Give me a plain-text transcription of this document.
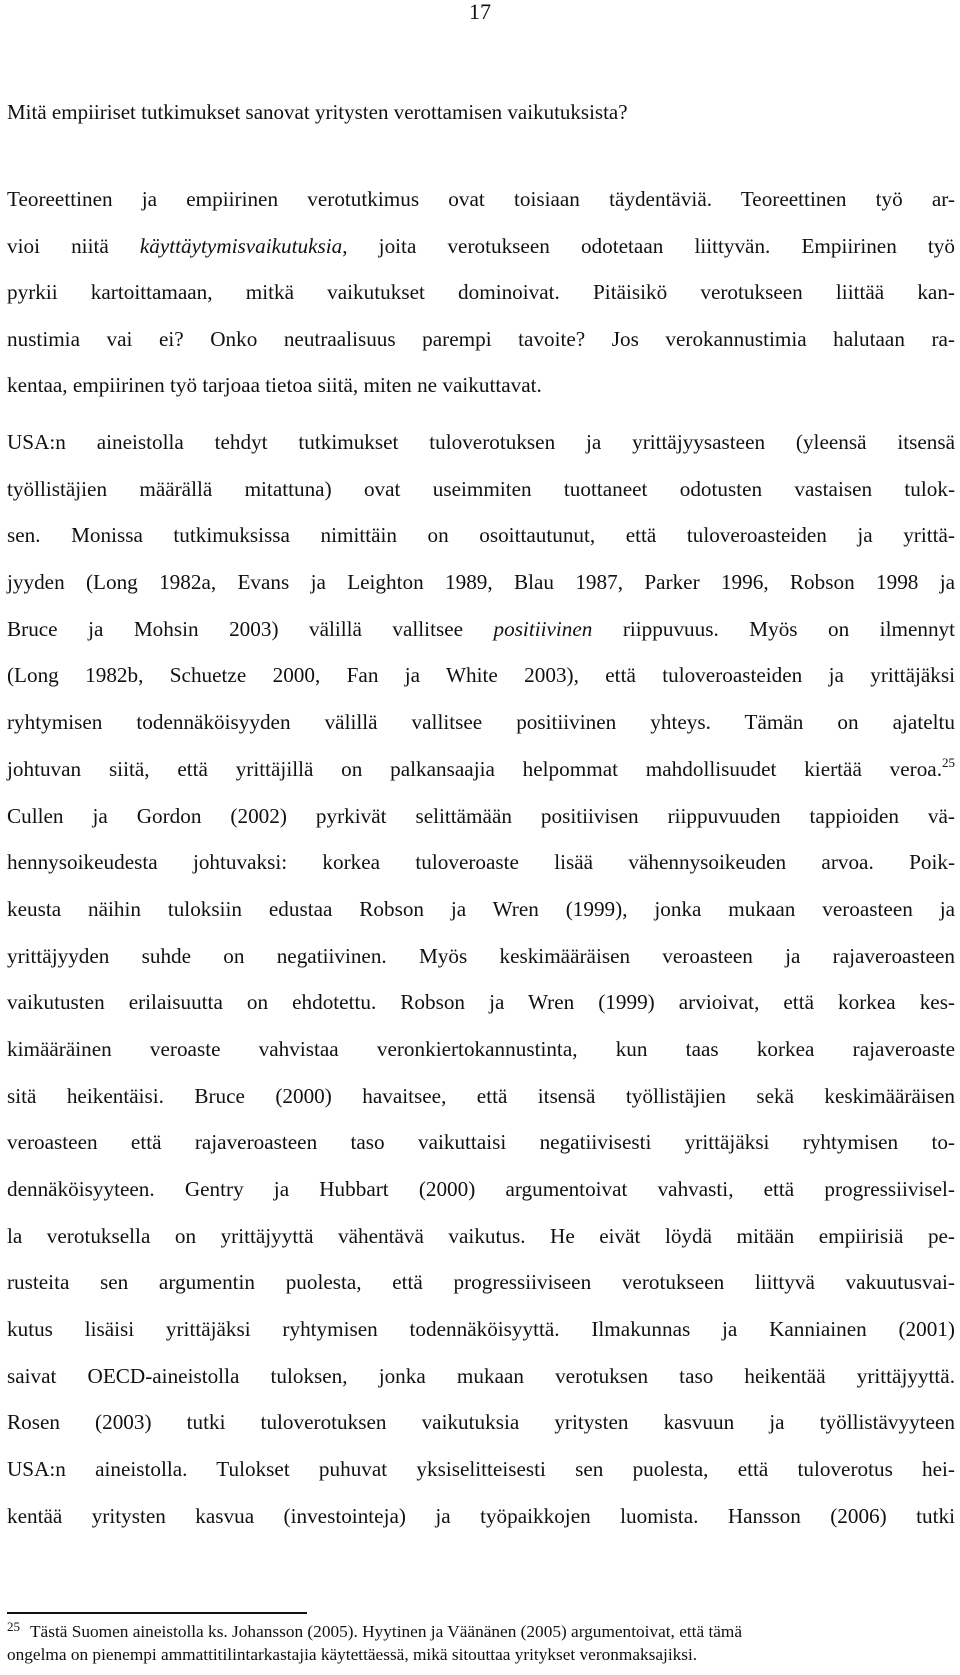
17
Mitä empiiriset tutkimukset sanovat yritysten verottamisen vaikutuksista?
Teoreettinen ja empiirinen verotutkimus ovat toisiaan täydentäviä. Teoreettinen työ ar-
vioi niitä käyttäytymisvaikutuksia, joita verotukseen odotetaan liittyvän. Empiirinen työ
pyrkii kartoittamaan, mitkä vaikutukset dominoivat. Pitäisikö verotukseen liittää kan-
nustimia vai ei? Onko neutraalisuus parempi tavoite? Jos verokannustimia halutaan ra-
kentaa, empiirinen työ tarjoaa tietoa siitä, miten ne vaikuttavat.
USA:n aineistolla tehdyt tutkimukset tuloverotuksen ja yrittäjyysasteen (yleensä itsensä
työllistäjien määrällä mitattuna) ovat useimmiten tuottaneet odotusten vastaisen tulok-
sen. Monissa tutkimuksissa nimittäin on osoittautunut, että tuloveroasteiden ja yrittä-
jyyden (Long 1982a, Evans ja Leighton 1989, Blau 1987, Parker 1996, Robson 1998 ja
Bruce ja Mohsin 2003) välillä vallitsee positiivinen riippuvuus. Myös on ilmennyt
(Long 1982b, Schuetze 2000, Fan ja White 2003), että tuloveroasteiden ja yrittäjäksi
ryhtymisen todennäköisyyden välillä vallitsee positiivinen yhteys. Tämän on ajateltu
johtuvan siitä, että yrittäjillä on palkansaajia helpommat mahdollisuudet kiertää veroa.$^{25}$
Cullen ja Gordon (2002) pyrkivät selittämään positiivisen riippuvuuden tappioiden vä-
hennysoikeudesta johtuvaksi: korkea tuloveroaste lisää vähennysoikeuden arvoa. Poik-
keusta näihin tuloksiin edustaa Robson ja Wren (1999), jonka mukaan veroasteen ja
yrittäjyyden suhde on negatiivinen. Myös keskimääräisen veroasteen ja rajaveroasteen
vaikutusten erilaisuutta on ehdotettu. Robson ja Wren (1999) arvioivat, että korkea kes-
kimääräinen veroaste vahvistaa veronkiertokannustinta, kun taas korkea rajaveroaste
sitä heikentäisi. Bruce (2000) havaitsee, että itsensä työllistäjien sekä keskimääräisen
veroasteen että rajaveroasteen taso vaikuttaisi negatiivisesti yrittäjäksi ryhtymisen to-
dennäköisyyteen. Gentry ja Hubbart (2000) argumentoivat vahvasti, että progressiivisel-
la verotuksella on yrittäjyyttä vähentävä vaikutus. He eivät löydä mitään empiirisiä pe-
rusteita sen argumentin puolesta, että progressiiviseen verotukseen liittyvä vakuutusvai-
kutus lisäisi yrittäjäksi ryhtymisen todennäköisyyttä. Ilmakunnas ja Kanniainen (2001)
saivat OECD-aineistolla tuloksen, jonka mukaan verotuksen taso heikentää yrittäjyyttä.
Rosen (2003) tutki tuloverotuksen vaikutuksia yritysten kasvuun ja työllistävyyteen
USA:n aineistolla. Tulokset puhuvat yksiselitteisesti sen puolesta, että tuloverotus hei-
kentää yritysten kasvua (investointeja) ja työpaikkojen luomista. Hansson (2006) tutki
$^{25}$ Tästä Suomen aineistolla ks. Johansson (2005). Hyytinen ja Väänänen (2005) argumentoivat, että tämä
ongelma on pienempi ammattitilintarkastajia käytettäessä, mikä sitouttaa yritykset veronmaksajiksi.
